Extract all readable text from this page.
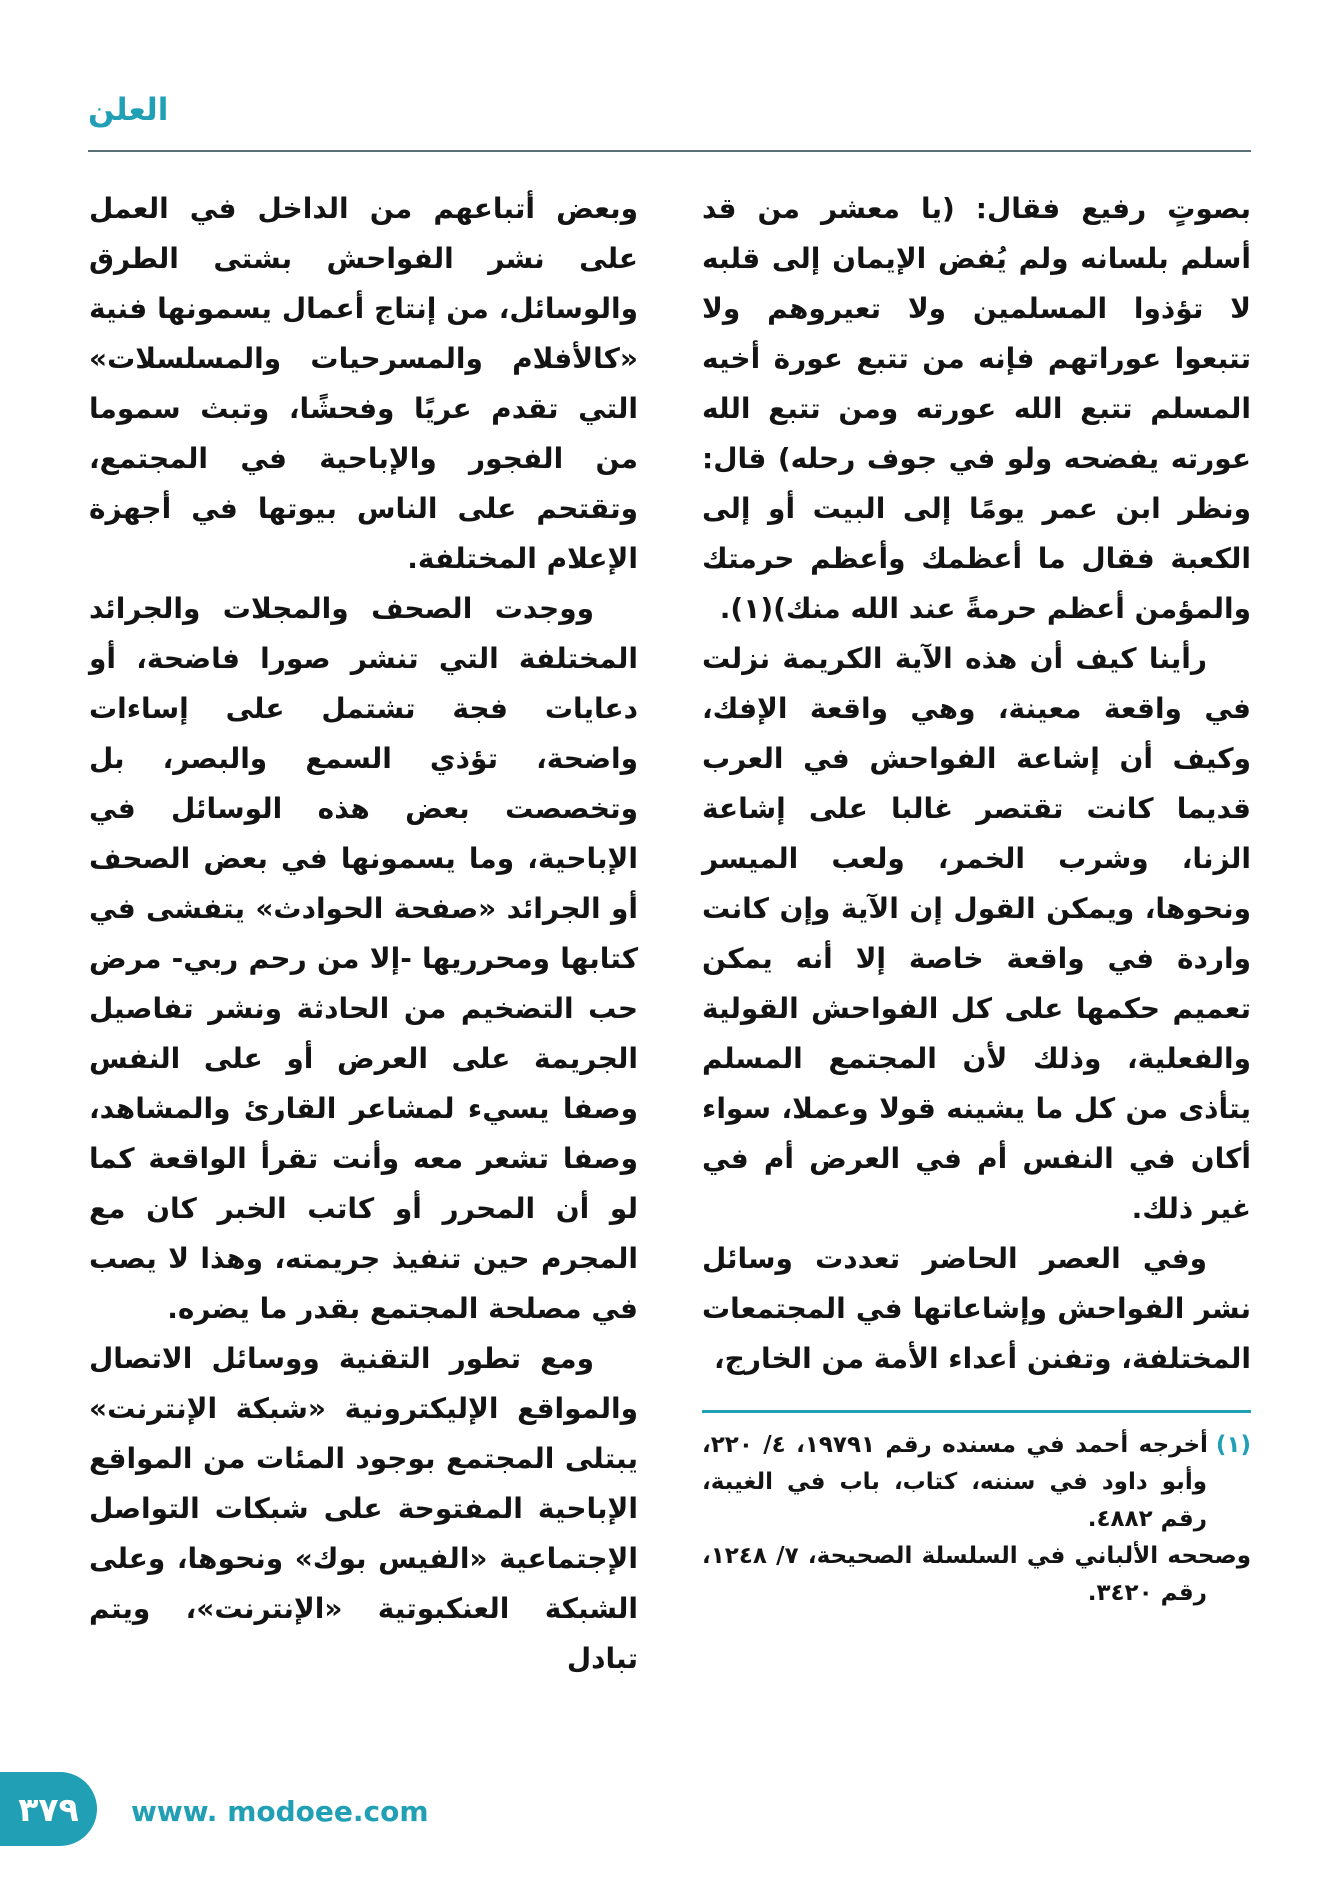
العلن

بصوتٍ رفيع فقال: (يا معشر من قد أسلم بلسانه ولم يُفض الإيمان إلى قلبه لا تؤذوا المسلمين ولا تعيروهم ولا تتبعوا عوراتهم فإنه من تتبع عورة أخيه المسلم تتبع الله عورته ومن تتبع الله عورته يفضحه ولو في جوف رحله) قال: ونظر ابن عمر يومًا إلى البيت أو إلى الكعبة فقال ما أعظمك وأعظم حرمتك والمؤمن أعظم حرمةً عند الله منك)(١).

رأينا كيف أن هذه الآية الكريمة نزلت في واقعة معينة، وهي واقعة الإفك، وكيف أن إشاعة الفواحش في العرب قديما كانت تقتصر غالبا على إشاعة الزنا، وشرب الخمر، ولعب الميسر ونحوها، ويمكن القول إن الآية وإن كانت واردة في واقعة خاصة إلا أنه يمكن تعميم حكمها على كل الفواحش القولية والفعلية، وذلك لأن المجتمع المسلم يتأذى من كل ما يشينه قولا وعملا، سواء أكان في النفس أم في العرض أم في غير ذلك.

وفي العصر الحاضر تعددت وسائل نشر الفواحش وإشاعاتها في المجتمعات المختلفة، وتفنن أعداء الأمة من الخارج،

(١)أخرجه أحمد في مسنده رقم ١٩٧٩١، ٤/ ٢٢٠، وأبو داود في سننه، كتاب، باب في الغيبة، رقم ٤٨٨٢.

وصححه الألباني في السلسلة الصحيحة، ٧/ ١٢٤٨، رقم ٣٤٢٠.

وبعض أتباعهم من الداخل في العمل على نشر الفواحش بشتى الطرق والوسائل، من إنتاج أعمال يسمونها فنية «كالأفلام والمسرحيات والمسلسلات» التي تقدم عريًا وفحشًا، وتبث سموما من الفجور والإباحية في المجتمع، وتقتحم على الناس بيوتها في أجهزة الإعلام المختلفة.

ووجدت الصحف والمجلات والجرائد المختلفة التي تنشر صورا فاضحة، أو دعايات فجة تشتمل على إساءات واضحة، تؤذي السمع والبصر، بل وتخصصت بعض هذه الوسائل في الإباحية، وما يسمونها في بعض الصحف أو الجرائد «صفحة الحوادث» يتفشى في كتابها ومحرريها -إلا من رحم ربي- مرض حب التضخيم من الحادثة ونشر تفاصيل الجريمة على العرض أو على النفس وصفا يسيء لمشاعر القارئ والمشاهد، وصفا تشعر معه وأنت تقرأ الواقعة كما لو أن المحرر أو كاتب الخبر كان مع المجرم حين تنفيذ جريمته، وهذا لا يصب في مصلحة المجتمع بقدر ما يضره.

ومع تطور التقنية ووسائل الاتصال والمواقع الإليكترونية «شبكة الإنترنت» يبتلى المجتمع بوجود المئات من المواقع الإباحية المفتوحة على شبكات التواصل الإجتماعية «الفيس بوك» ونحوها، وعلى الشبكة العنكبوتية «الإنترنت»، ويتم تبادل

٣٧٩ www. modoee.com
